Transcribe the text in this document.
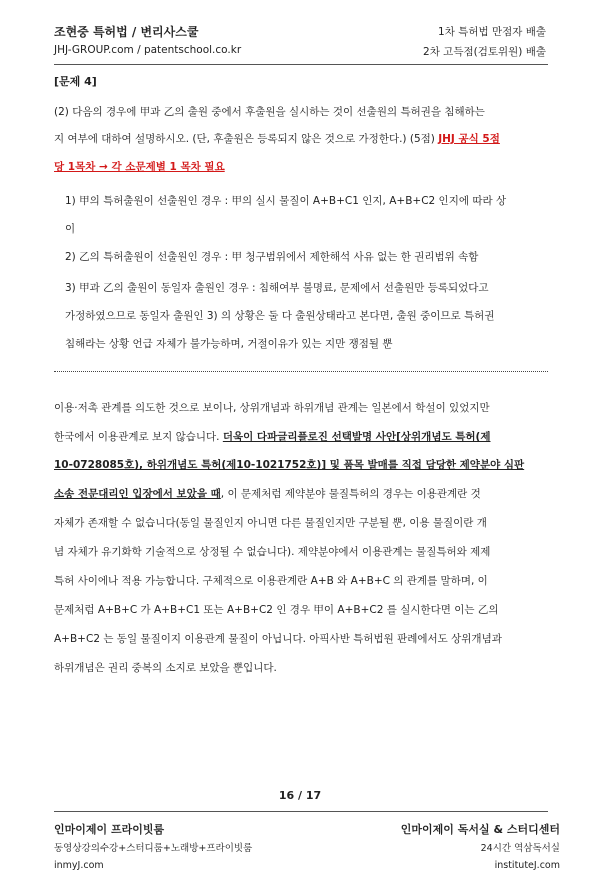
조현중 특허법 / 변리사스쿨
JHJ-GROUP.com / patentschool.co.kr
1차 특허법 만점자 배출
2차 고득점(검토위원) 배출
[문제 4]
(2) 다음의 경우에 甲과 乙의 출원 중에서 후출원을 실시하는 것이 선출원의 특허권을 침해하는
지 여부에 대하여 설명하시오. (단, 후출원은 등록되지 않은 것으로 가정한다.) (5점) JHJ 공식 5점
당 1목차 → 각 소문제별 1 목차 필요
1) 甲의 특허출원이 선출원인 경우 : 甲의 실시 물질이 A+B+C1 인지, A+B+C2 인지에 따라 상
이
2) 乙의 특허출원이 선출원인 경우 : 甲 청구범위에서 제한해석 사유 없는 한 권리범위 속함
3) 甲과 乙의 출원이 동일자 출원인 경우 : 침해여부 불명료, 문제에서 선출원만 등록되었다고
가정하였으므로 동일자 출원인 3) 의 상황은 둘 다 출원상태라고 본다면, 출원 중이므로 특허권
침해라는 상황 언급 자체가 불가능하며, 거절이유가 있는 지만 쟁점될 뿐
이용·저촉 관계를 의도한 것으로 보이나, 상위개념과 하위개념 관계는 일본에서 학설이 있었지만
한국에서 이용관계로 보지 않습니다. 더욱이 다파글리플로진 선택발명 사안[상위개념도 특허(제
10-0728085호), 하위개념도 특허(제10-1021752호)] 및 품목 발매를 직접 담당한 제약분야 심판
소송 전문대리인 입장에서 보았을 때, 이 문제처럼 제약분야 물질특허의 경우는 이용관계란 것
자체가 존재할 수 없습니다(동일 물질인지 아니면 다른 물질인지만 구분될 뿐, 이용 물질이란 개
념 자체가 유기화학 기술적으로 상정될 수 없습니다). 제약분야에서 이용관계는 물질특허와 제제
특허 사이에나 적용 가능합니다. 구체적으로 이용관계란 A+B 와 A+B+C 의 관계를 말하며, 이
문제처럼 A+B+C 가 A+B+C1 또는 A+B+C2 인 경우 甲이 A+B+C2 를 실시한다면 이는 乙의
A+B+C2 는 동일 물질이지 이용관계 물질이 아닙니다. 아픽사반 특허법원 판례에서도 상위개념과
하위개념은 권리 중복의 소지로 보았을 뿐입니다.
16 / 17
인마이제이 프라이빗룸
동영상강의수강+스터디룸+노래방+프라이빗룸
inmyJ.com
인마이제이 독서실 & 스터디센터
24시간 역삼독서실
instituteJ.com
